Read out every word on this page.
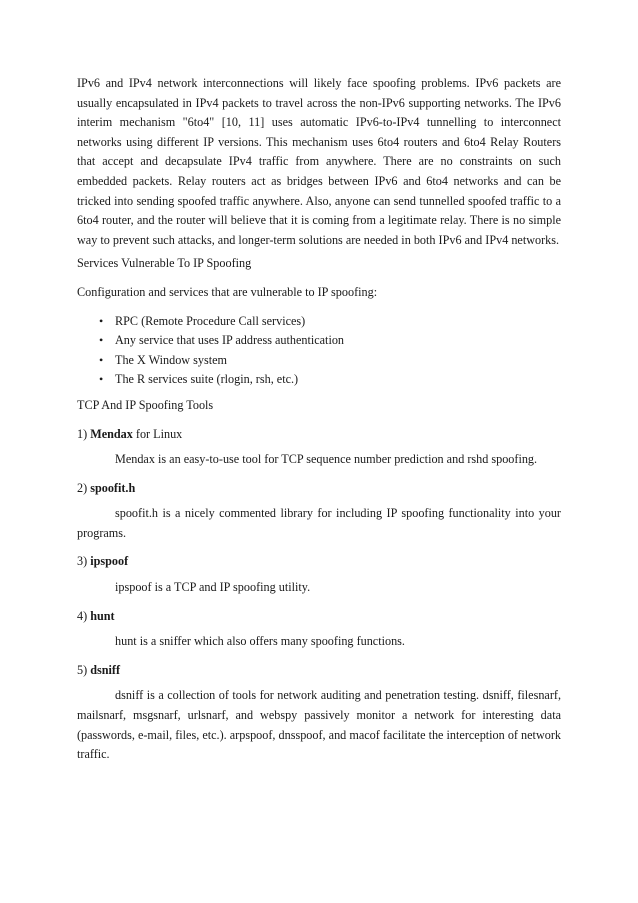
IPv6 and IPv4 network interconnections will likely face spoofing problems. IPv6 packets are usually encapsulated in IPv4 packets to travel across the non-IPv6 supporting networks. The IPv6 interim mechanism "6to4" [10, 11] uses automatic IPv6-to-IPv4 tunnelling to interconnect networks using different IP versions. This mechanism uses 6to4 routers and 6to4 Relay Routers that accept and decapsulate IPv4 traffic from anywhere. There are no constraints on such embedded packets. Relay routers act as bridges between IPv6 and 6to4 networks and can be tricked into sending spoofed traffic anywhere. Also, anyone can send tunnelled spoofed traffic to a 6to4 router, and the router will believe that it is coming from a legitimate relay. There is no simple way to prevent such attacks, and longer-term solutions are needed in both IPv6 and IPv4 networks.

Services Vulnerable To IP Spoofing

Configuration and services that are vulnerable to IP spoofing:

• RPC (Remote Procedure Call services)
• Any service that uses IP address authentication
• The X Window system
• The R services suite (rlogin, rsh, etc.)

TCP And IP Spoofing Tools

1) Mendax for Linux

Mendax is an easy-to-use tool for TCP sequence number prediction and rshd spoofing.

2) spoofit.h

spoofit.h is a nicely commented library for including IP spoofing functionality into your programs.

3) ipspoof

ipspoof is a TCP and IP spoofing utility.

4) hunt

hunt is a sniffer which also offers many spoofing functions.

5) dsniff

dsniff is a collection of tools for network auditing and penetration testing. dsniff, filesnarf, mailsnarf, msgsnarf, urlsnarf, and webspy passively monitor a network for interesting data (passwords, e-mail, files, etc.). arpspoof, dnsspoof, and macof facilitate the interception of network traffic.
